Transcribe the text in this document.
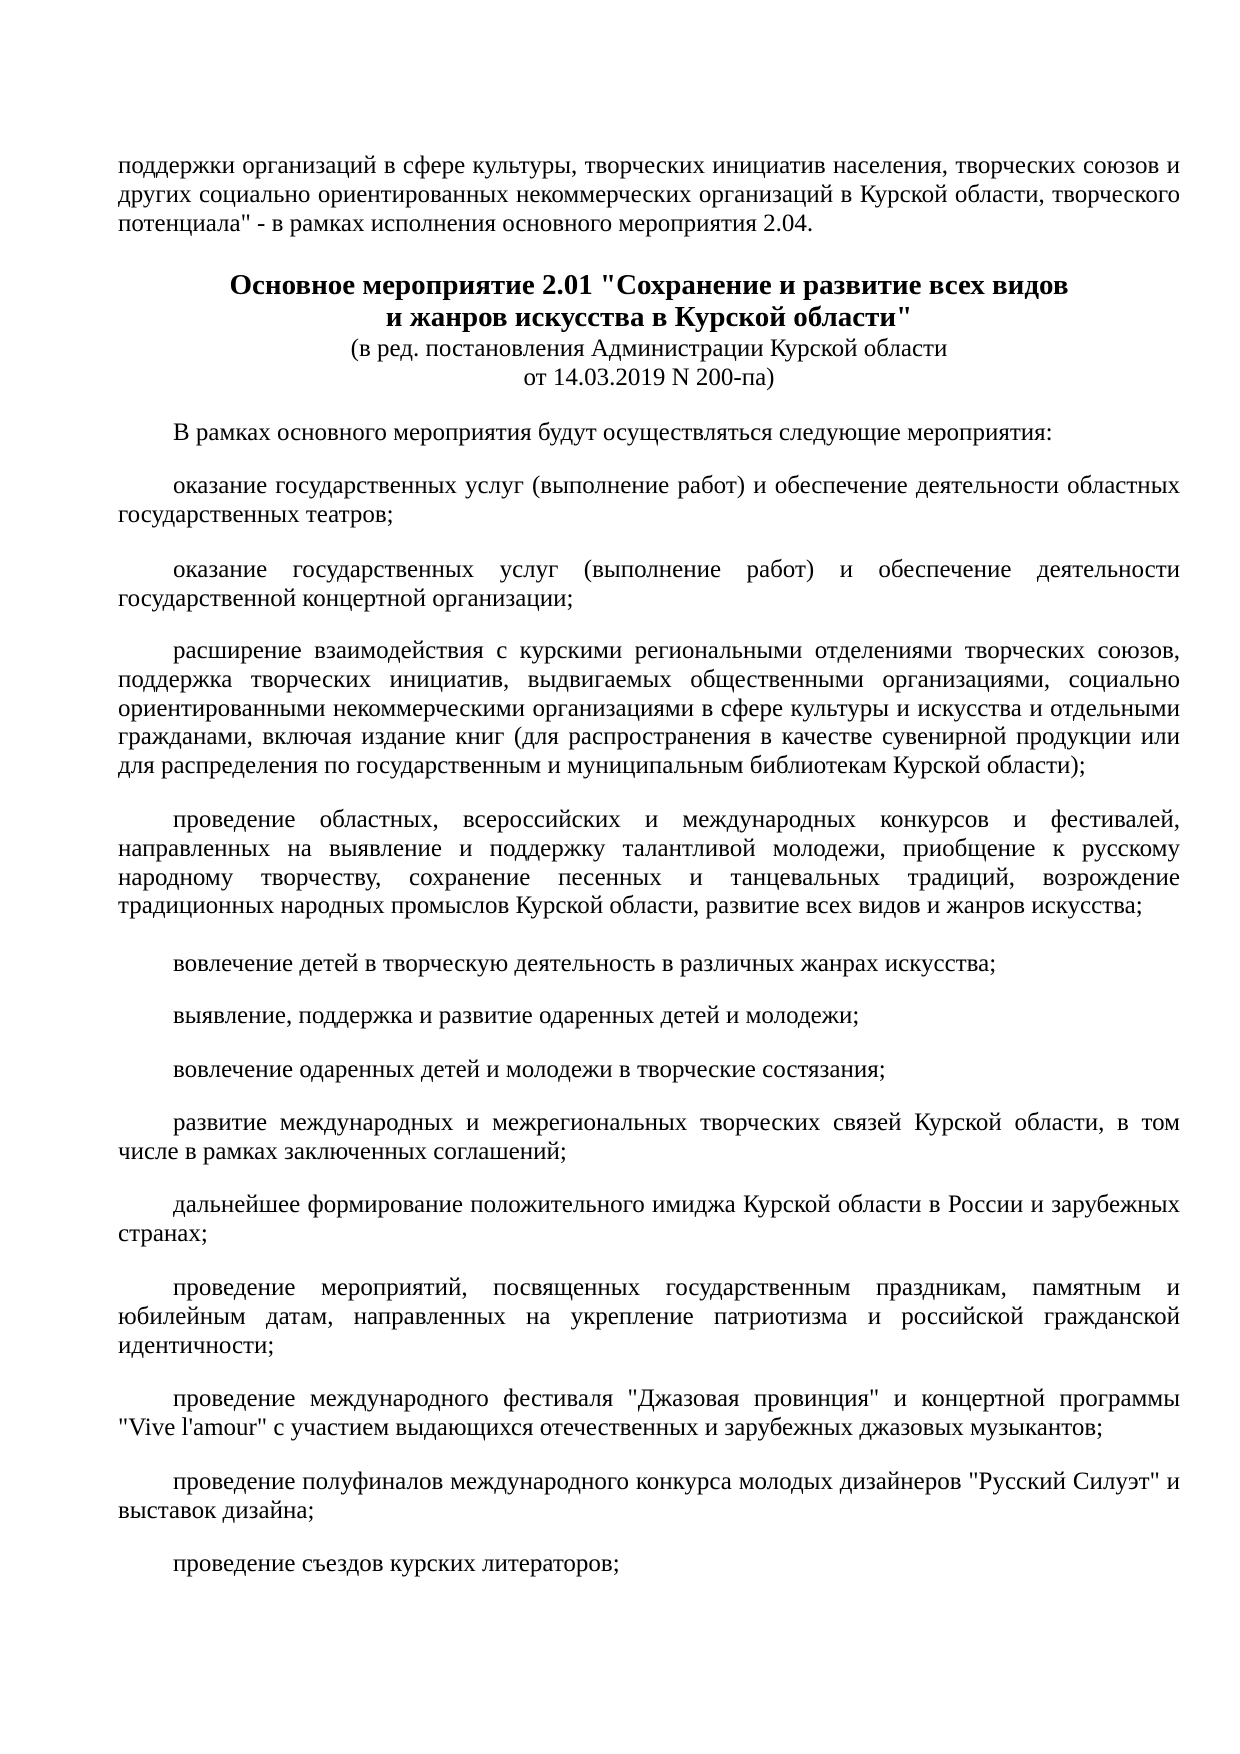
поддержки организаций в сфере культуры, творческих инициатив населения, творческих союзов и других социально ориентированных некоммерческих организаций в Курской области, творческого потенциала" - в рамках исполнения основного мероприятия 2.04.

Основное мероприятие 2.01 "Сохранение и развитие всех видов

и жанров искусства в Курской области"

(в ред. постановления Администрации Курской области

от 14.03.2019 N 200-па)

В рамках основного мероприятия будут осуществляться следующие мероприятия:

оказание государственных услуг (выполнение работ) и обеспечение деятельности областных государственных театров;

оказание государственных услуг (выполнение работ) и обеспечение деятельности государственной концертной организации;

расширение взаимодействия с курскими региональными отделениями творческих союзов, поддержка творческих инициатив, выдвигаемых общественными организациями, социально ориентированными некоммерческими организациями в сфере культуры и искусства и отдельными гражданами, включая издание книг (для распространения в качестве сувенирной продукции или для распределения по государственным и муниципальным библиотекам Курской области);

проведение областных, всероссийских и международных конкурсов и фестивалей, направленных на выявление и поддержку талантливой молодежи, приобщение к русскому народному творчеству, сохранение песенных и танцевальных традиций, возрождение традиционных народных промыслов Курской области, развитие всех видов и жанров искусства;

вовлечение детей в творческую деятельность в различных жанрах искусства;

выявление, поддержка и развитие одаренных детей и молодежи;

вовлечение одаренных детей и молодежи в творческие состязания;

развитие международных и межрегиональных творческих связей Курской области, в том числе в рамках заключенных соглашений;

дальнейшее формирование положительного имиджа Курской области в России и зарубежных странах;

проведение мероприятий, посвященных государственным праздникам, памятным и юбилейным датам, направленных на укрепление патриотизма и российской гражданской идентичности;

проведение международного фестиваля "Джазовая провинция" и концертной программы "Vive l'amour" с участием выдающихся отечественных и зарубежных джазовых музыкантов;

проведение полуфиналов международного конкурса молодых дизайнеров "Русский Силуэт" и выставок дизайна;

проведение съездов курских литераторов;
